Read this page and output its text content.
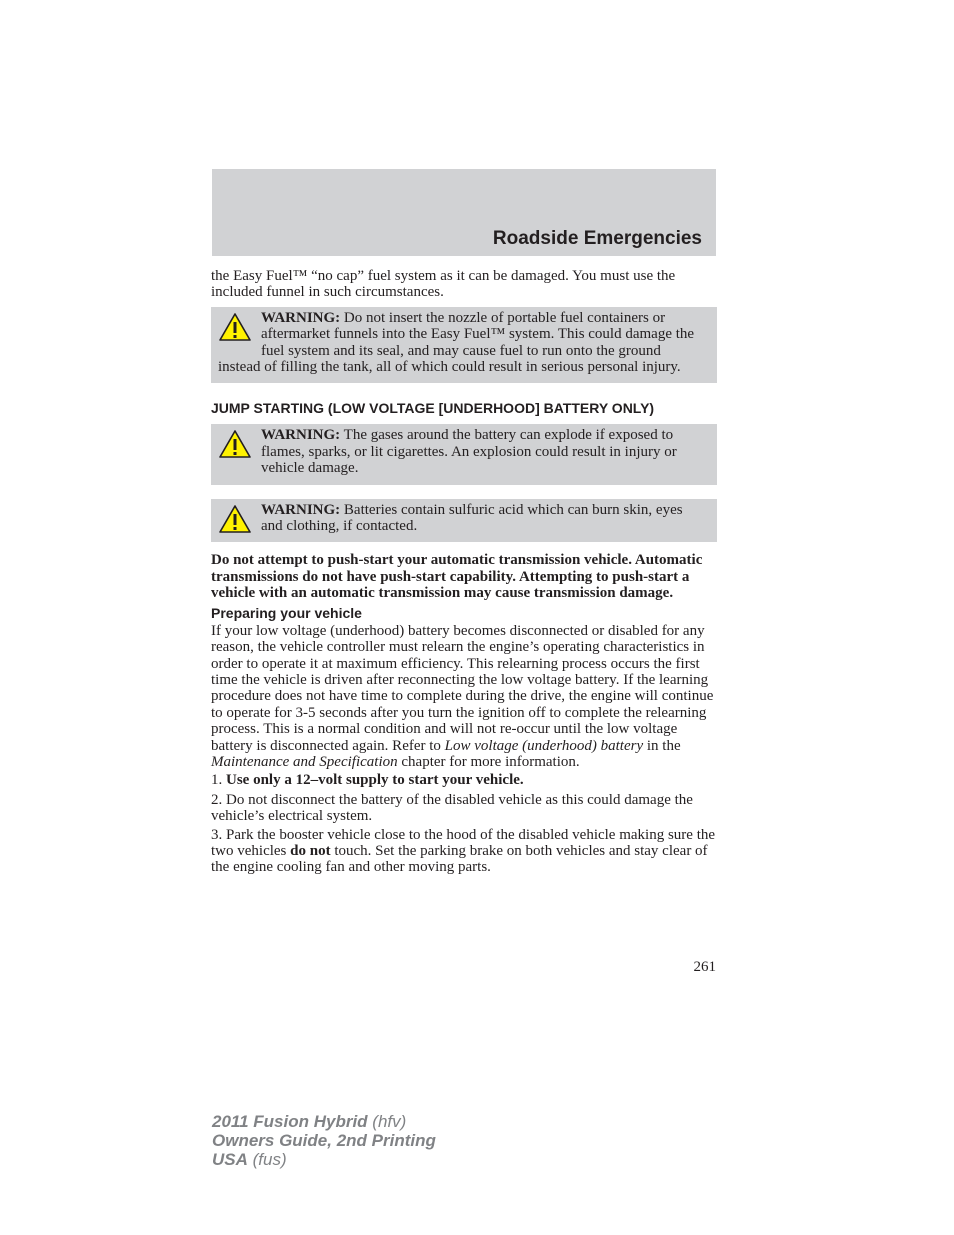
Roadside Emergencies

the Easy Fuel™ “no cap” fuel system as it can be damaged. You must use the included funnel in such circumstances.

WARNING: Do not insert the nozzle of portable fuel containers or aftermarket funnels into the Easy Fuel™ system. This could damage the fuel system and its seal, and may cause fuel to run onto the ground instead of filling the tank, all of which could result in serious personal injury.

JUMP STARTING (LOW VOLTAGE [UNDERHOOD] BATTERY ONLY)

WARNING: The gases around the battery can explode if exposed to flames, sparks, or lit cigarettes. An explosion could result in injury or vehicle damage.
WARNING: Batteries contain sulfuric acid which can burn skin, eyes and clothing, if contacted.

Do not attempt to push-start your automatic transmission vehicle. Automatic transmissions do not have push-start capability. Attempting to push-start a vehicle with an automatic transmission may cause transmission damage.

Preparing your vehicle

If your low voltage (underhood) battery becomes disconnected or disabled for any reason, the vehicle controller must relearn the engine’s operating characteristics in order to operate it at maximum efficiency. This relearning process occurs the first time the vehicle is driven after reconnecting the low voltage battery. If the learning procedure does not have time to complete during the drive, the engine will continue to operate for 3-5 seconds after you turn the ignition off to complete the relearning process. This is a normal condition and will not re-occur until the low voltage battery is disconnected again. Refer to Low voltage (underhood) battery in the Maintenance and Specification chapter for more information.

1. Use only a 12–volt supply to start your vehicle.

2. Do not disconnect the battery of the disabled vehicle as this could damage the vehicle’s electrical system.

3. Park the booster vehicle close to the hood of the disabled vehicle making sure the two vehicles do not touch. Set the parking brake on both vehicles and stay clear of the engine cooling fan and other moving parts.

261
2011 Fusion Hybrid (hfv)
Owners Guide, 2nd Printing
USA (fus)
